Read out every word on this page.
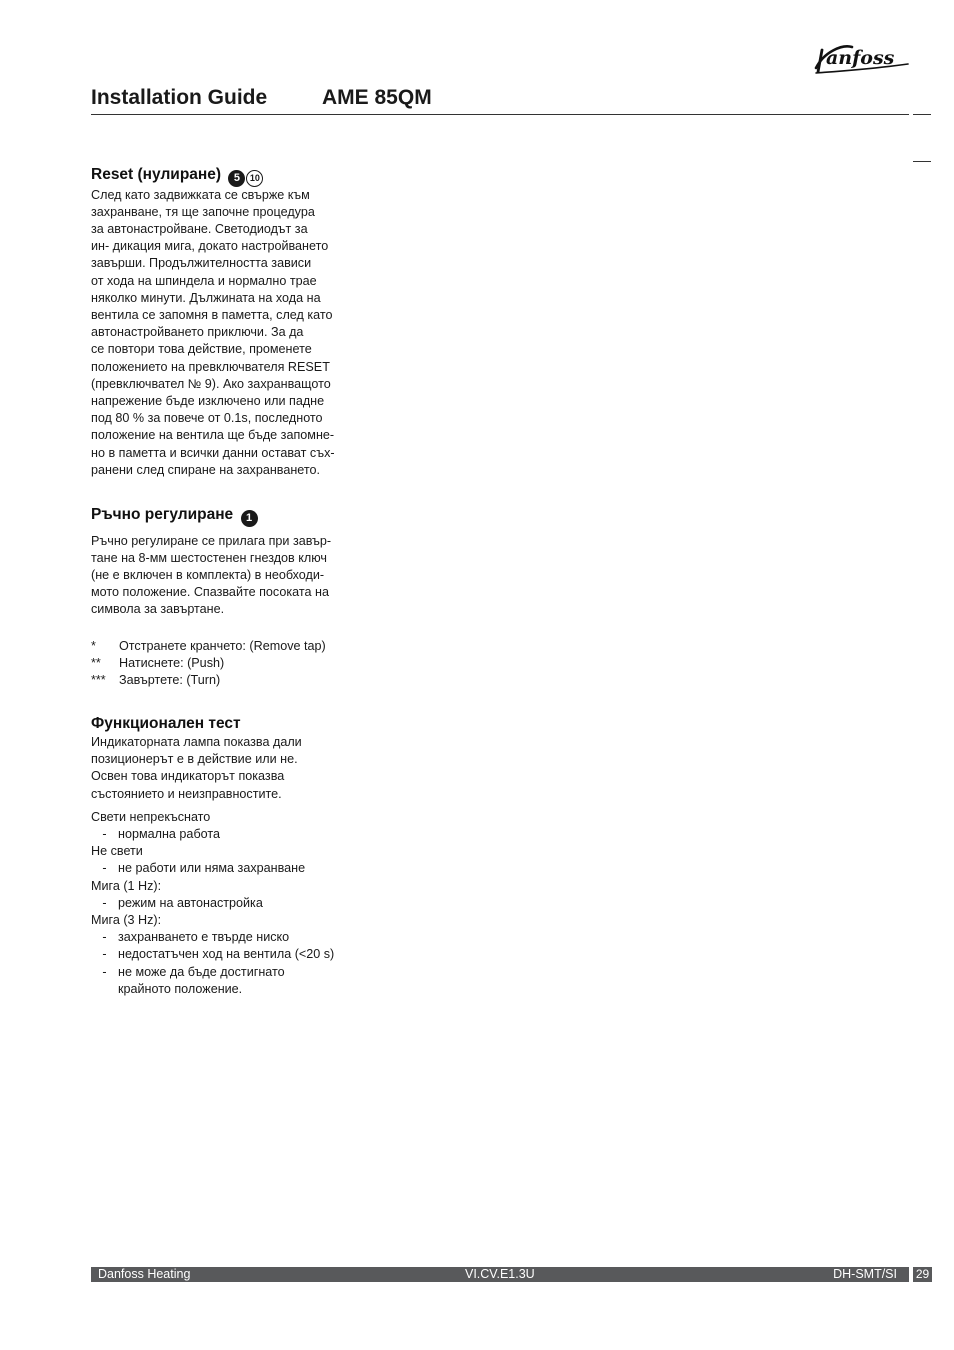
anfoss
Installation Guide	AME 85QM
Reset (нулиране) 5 10
След като задвижката се свърже към
захранване, тя ще започне процедура
за автонастройване. Светодиодът за
ин- дикация мига, докато настройването
завърши. Продължителността зависи
от хода на шпиндела и нормално трае
няколко минути. Дължината на хода на
вентила се запомня в паметта, след като
автонастройването приключи. За да
се повтори това действие, променете
положението на превключвателя RESET
(превключвател № 9). Ако захранващото
напрежение бъде изключено или падне
под 80 % за повече от 0.1s, последното
положение на вентила ще бъде запомне-
но в паметта и всички данни остават съх-
ранени след спиране на захранването.
Ръчно регулиране 1
Ръчно регулиране се прилага при завър-
тане на 8-мм шестостенен гнездов ключ
(не е включен в комплекта) в необходи-
мото положение. Спазвайте посоката на
символа за завъртане.
*	Отстранете кранчето: (Remove tap)
**	Натиснете: (Push)
***	Завъртете: (Turn)
Функционален тест
Индикаторната лампа показва дали
позиционерът е в действие или не.
Освен това индикаторът показва
състоянието и неизправностите.
Свети непрекъснато
- нормална работа
Не свети
- не работи или няма захранване
Мига (1 Hz):
- режим на автонастройка
Мига (3 Hz):
- захранването е твърде ниско
- недостатъчен ход на вентила (<20 s)
- не може да бъде достигнато
крайното положение.
Danfoss Heating	VI.CV.E1.3U	DH-SMT/SI 29
